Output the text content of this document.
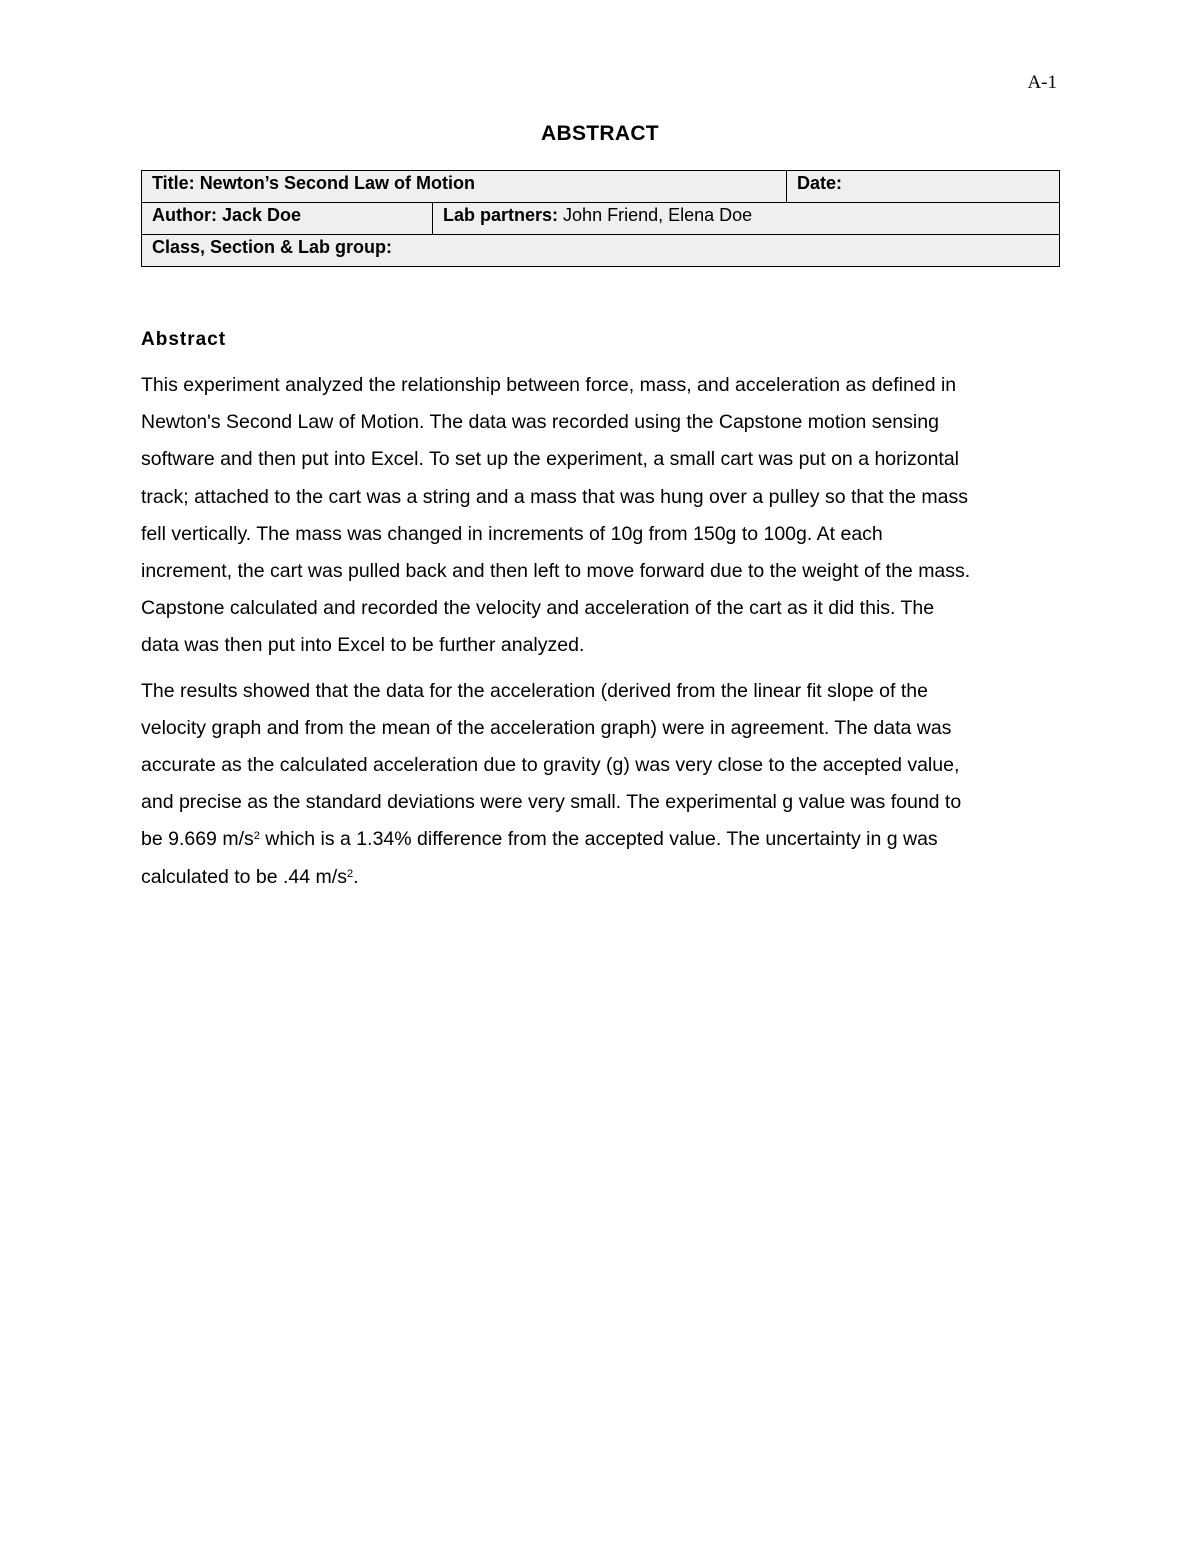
A-1
ABSTRACT
Title: Newton’s Second Law of Motion		Date:
Author: Jack Doe	Lab partners: John Friend, Elena Doe	
Class, Section & Lab group:		
Abstract

This experiment analyzed the relationship between force, mass, and acceleration as defined in
Newton's Second Law of Motion. The data was recorded using the Capstone motion sensing
software and then put into Excel. To set up the experiment, a small cart was put on a horizontal
track; attached to the cart was a string and a mass that was hung over a pulley so that the mass
fell vertically. The mass was changed in increments of 10g from 150g to 100g. At each
increment, the cart was pulled back and then left to move forward due to the weight of the mass.
Capstone calculated and recorded the velocity and acceleration of the cart as it did this. The
data was then put into Excel to be further analyzed.

The results showed that the data for the acceleration (derived from the linear fit slope of the
velocity graph and from the mean of the acceleration graph) were in agreement. The data was
accurate as the calculated acceleration due to gravity (g) was very close to the accepted value,
and precise as the standard deviations were very small. The experimental g value was found to
be 9.669 $m/s^2$ which is a 1.34% difference from the accepted value. The uncertainty in g was
calculated to be .44 $m/s^2$.
